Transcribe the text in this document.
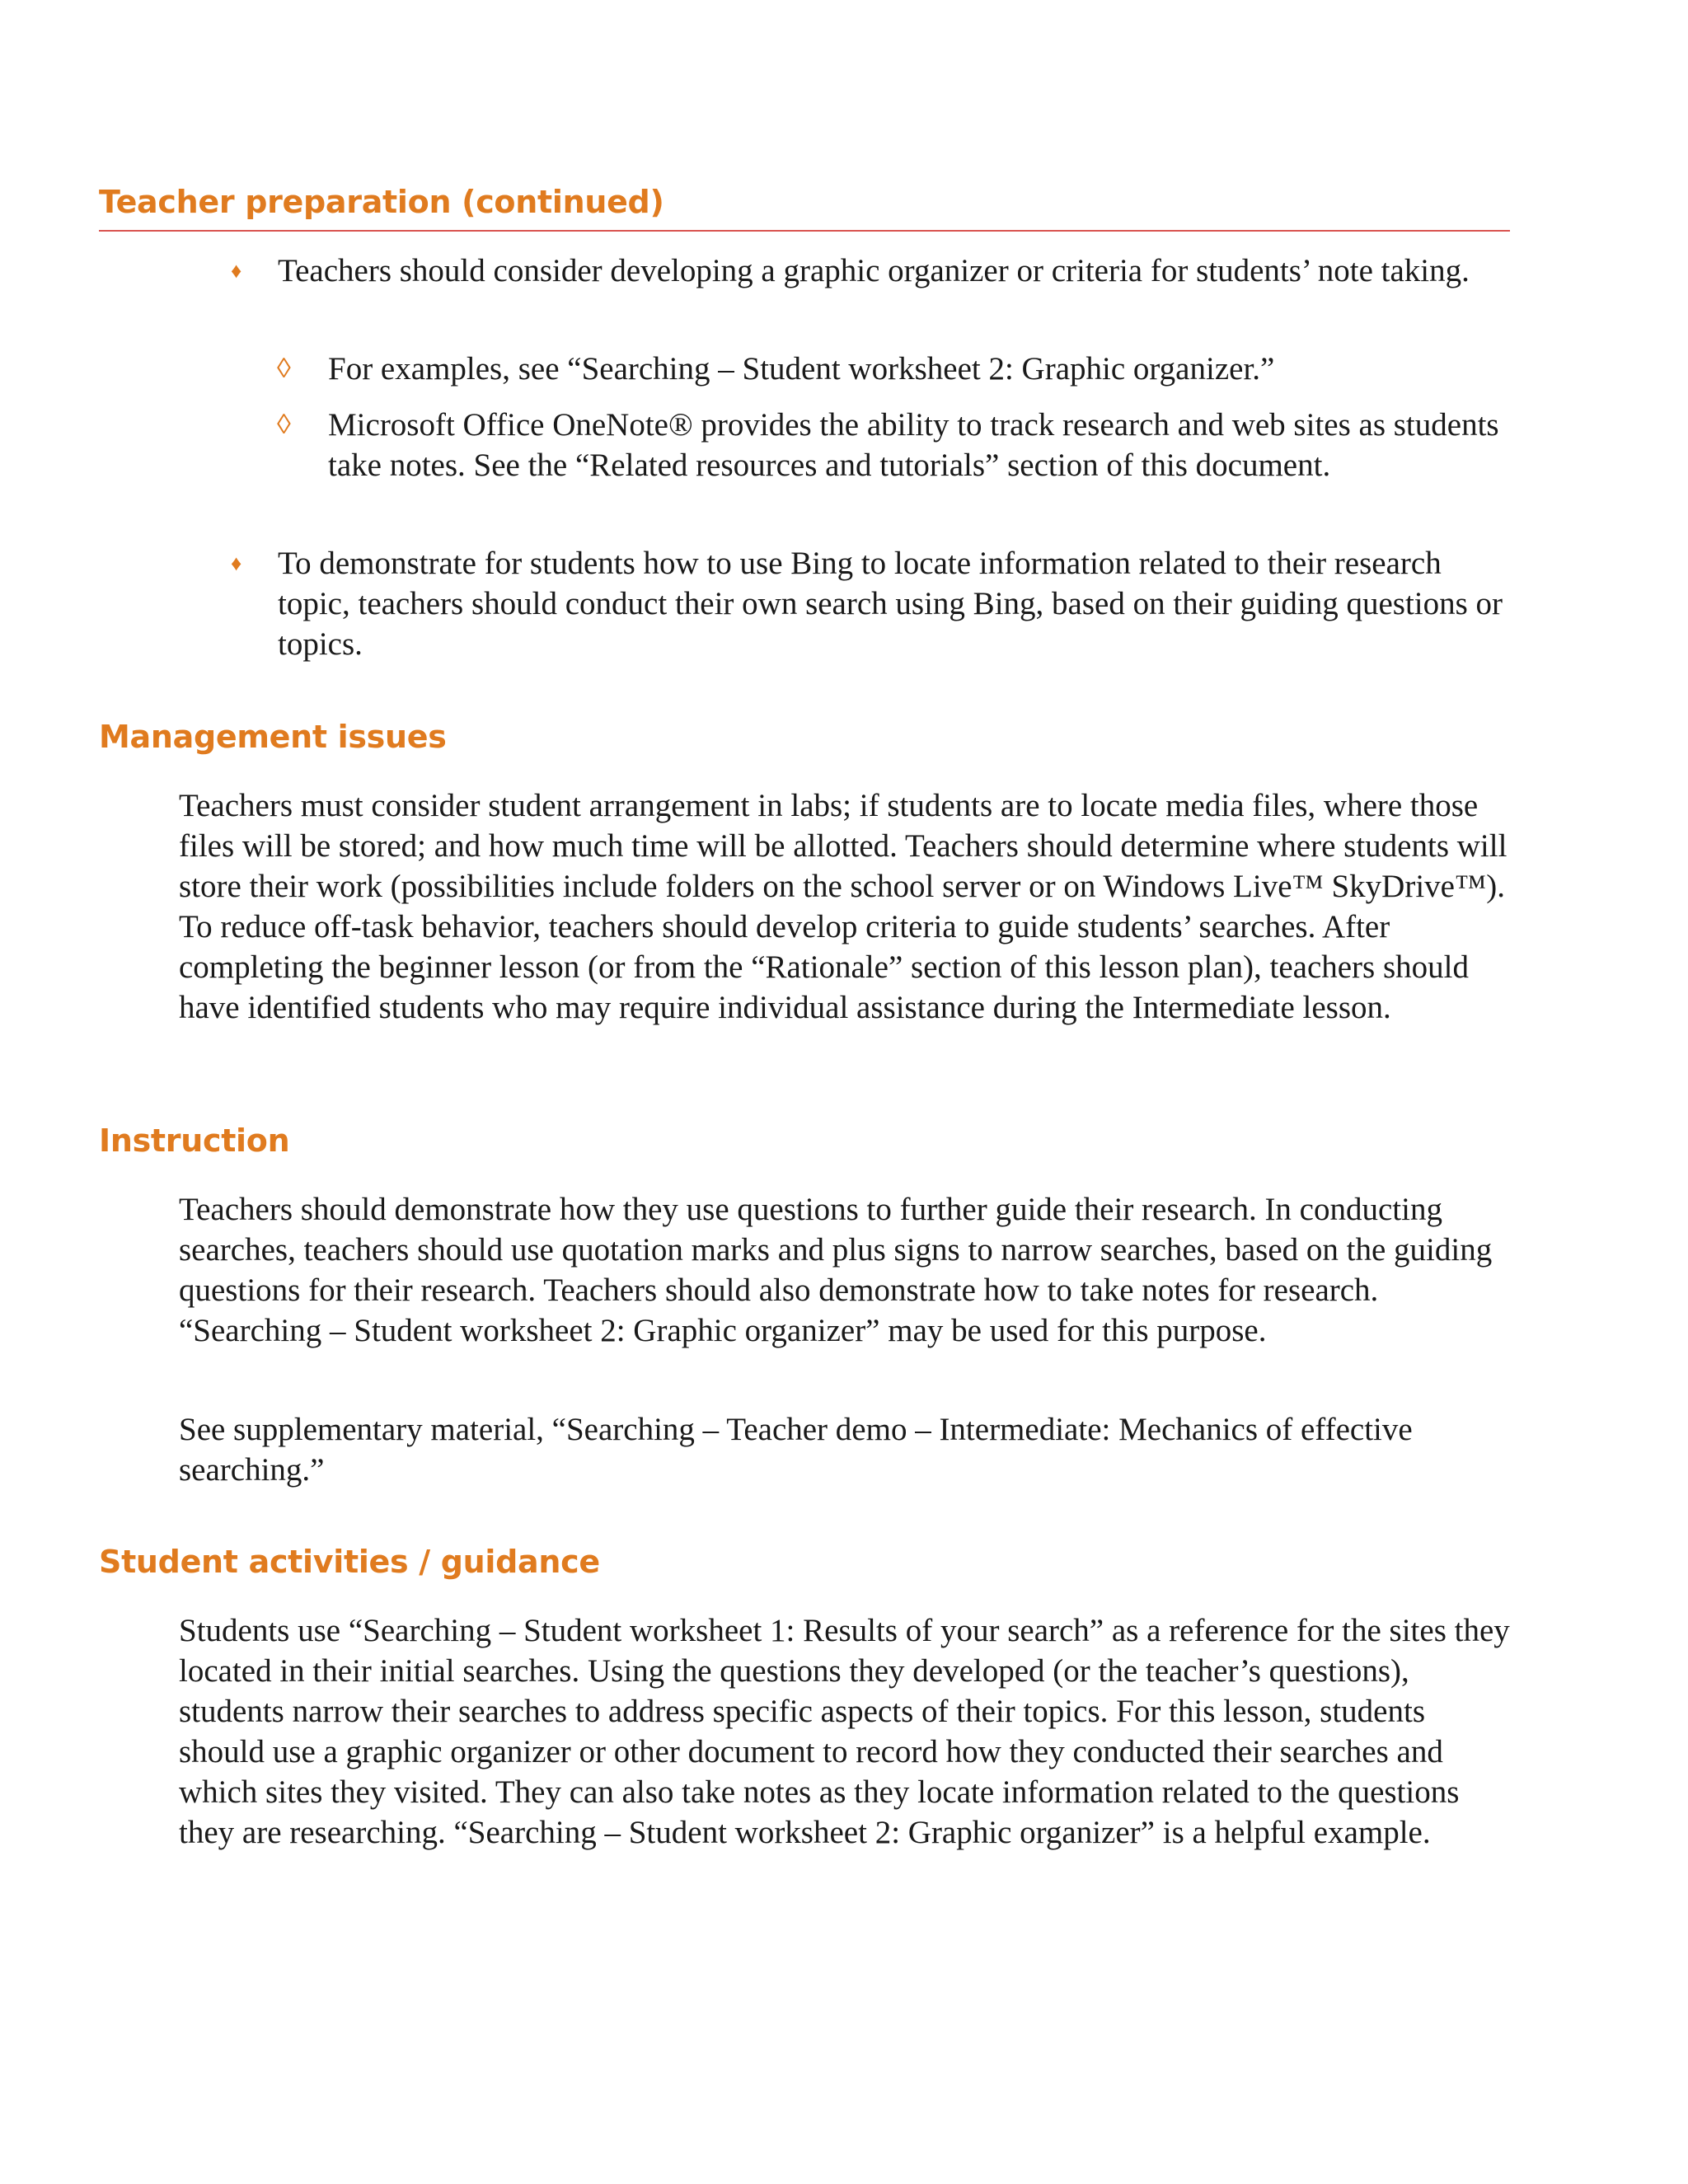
Teacher preparation (continued)
♦	Teachers should consider developing a graphic organizer or criteria for students’ note taking.
◊	For examples, see “Searching – Student worksheet 2: Graphic organizer.”
◊	Microsoft Office OneNote® provides the ability to track research and web sites as students take notes. See the “Related resources and tutorials” section of this document.
♦	To demonstrate for students how to use Bing to locate information related to their research topic, teachers should conduct their own search using Bing, based on their guiding questions or topics.
Management issues

Teachers must consider student arrangement in labs; if students are to locate media files, where those files will be stored; and how much time will be allotted. Teachers should determine where students will store their work (possibilities include folders on the school server or on Windows Live™ SkyDrive™). To reduce off-task behavior, teachers should develop criteria to guide students’ searches. After completing the beginner lesson (or from the “Rationale” section of this lesson plan), teachers should have identified students who may require individual assistance during the Intermediate lesson.

Instruction

Teachers should demonstrate how they use questions to further guide their research. In conducting searches, teachers should use quotation marks and plus signs to narrow searches, based on the guiding questions for their research. Teachers should also demonstrate how to take notes for research. “Searching – Student worksheet 2: Graphic organizer” may be used for this purpose.

See supplementary material, “Searching – Teacher demo – Intermediate: Mechanics of effective searching.”

Student activities / guidance

Students use “Searching – Student worksheet 1: Results of your search” as a reference for the sites they located in their initial searches. Using the questions they developed (or the teacher’s questions), students narrow their searches to address specific aspects of their topics. For this lesson, students should use a graphic organizer or other document to record how they conducted their searches and which sites they visited. They can also take notes as they locate information related to the questions they are researching. “Searching – Student worksheet 2: Graphic organizer” is a helpful example.
